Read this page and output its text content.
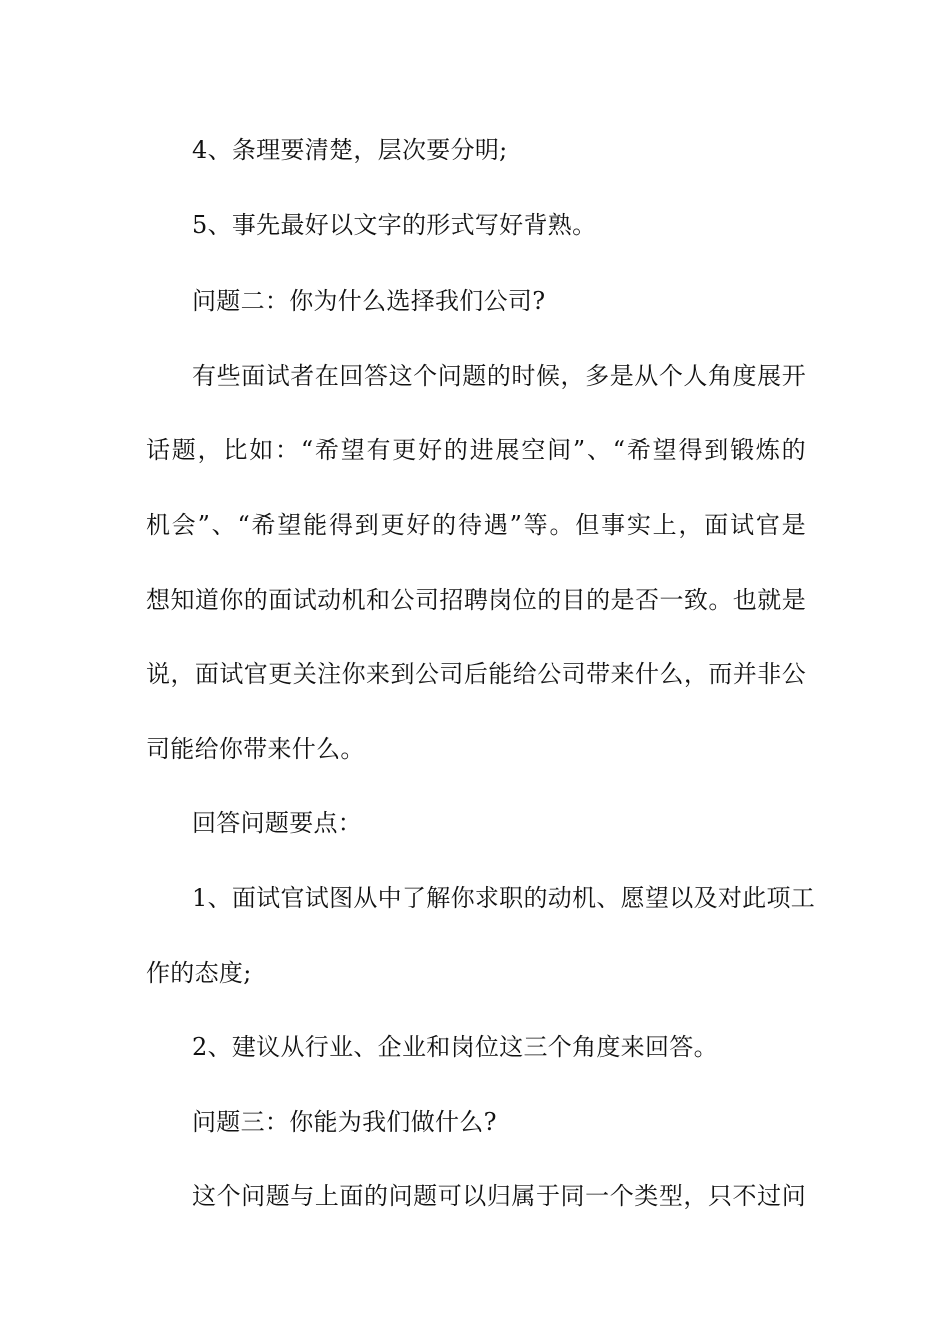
4、条理要清楚，层次要分明;
5、事先最好以文字的形式写好背熟。
问题二：你为什么选择我们公司?
有些面试者在回答这个问题的时候，多是从个人角度展开
话题，比如：“希望有更好的进展空间”、“希望得到锻炼的
机会”、“希望能得到更好的待遇”等。但事实上，面试官是
想知道你的面试动机和公司招聘岗位的目的是否一致。也就是
说，面试官更关注你来到公司后能给公司带来什么，而并非公
司能给你带来什么。
回答问题要点：
1、面试官试图从中了解你求职的动机、愿望以及对此项工
作的态度;
2、建议从行业、企业和岗位这三个角度来回答。
问题三：你能为我们做什么?
这个问题与上面的问题可以归属于同一个类型，只不过问
